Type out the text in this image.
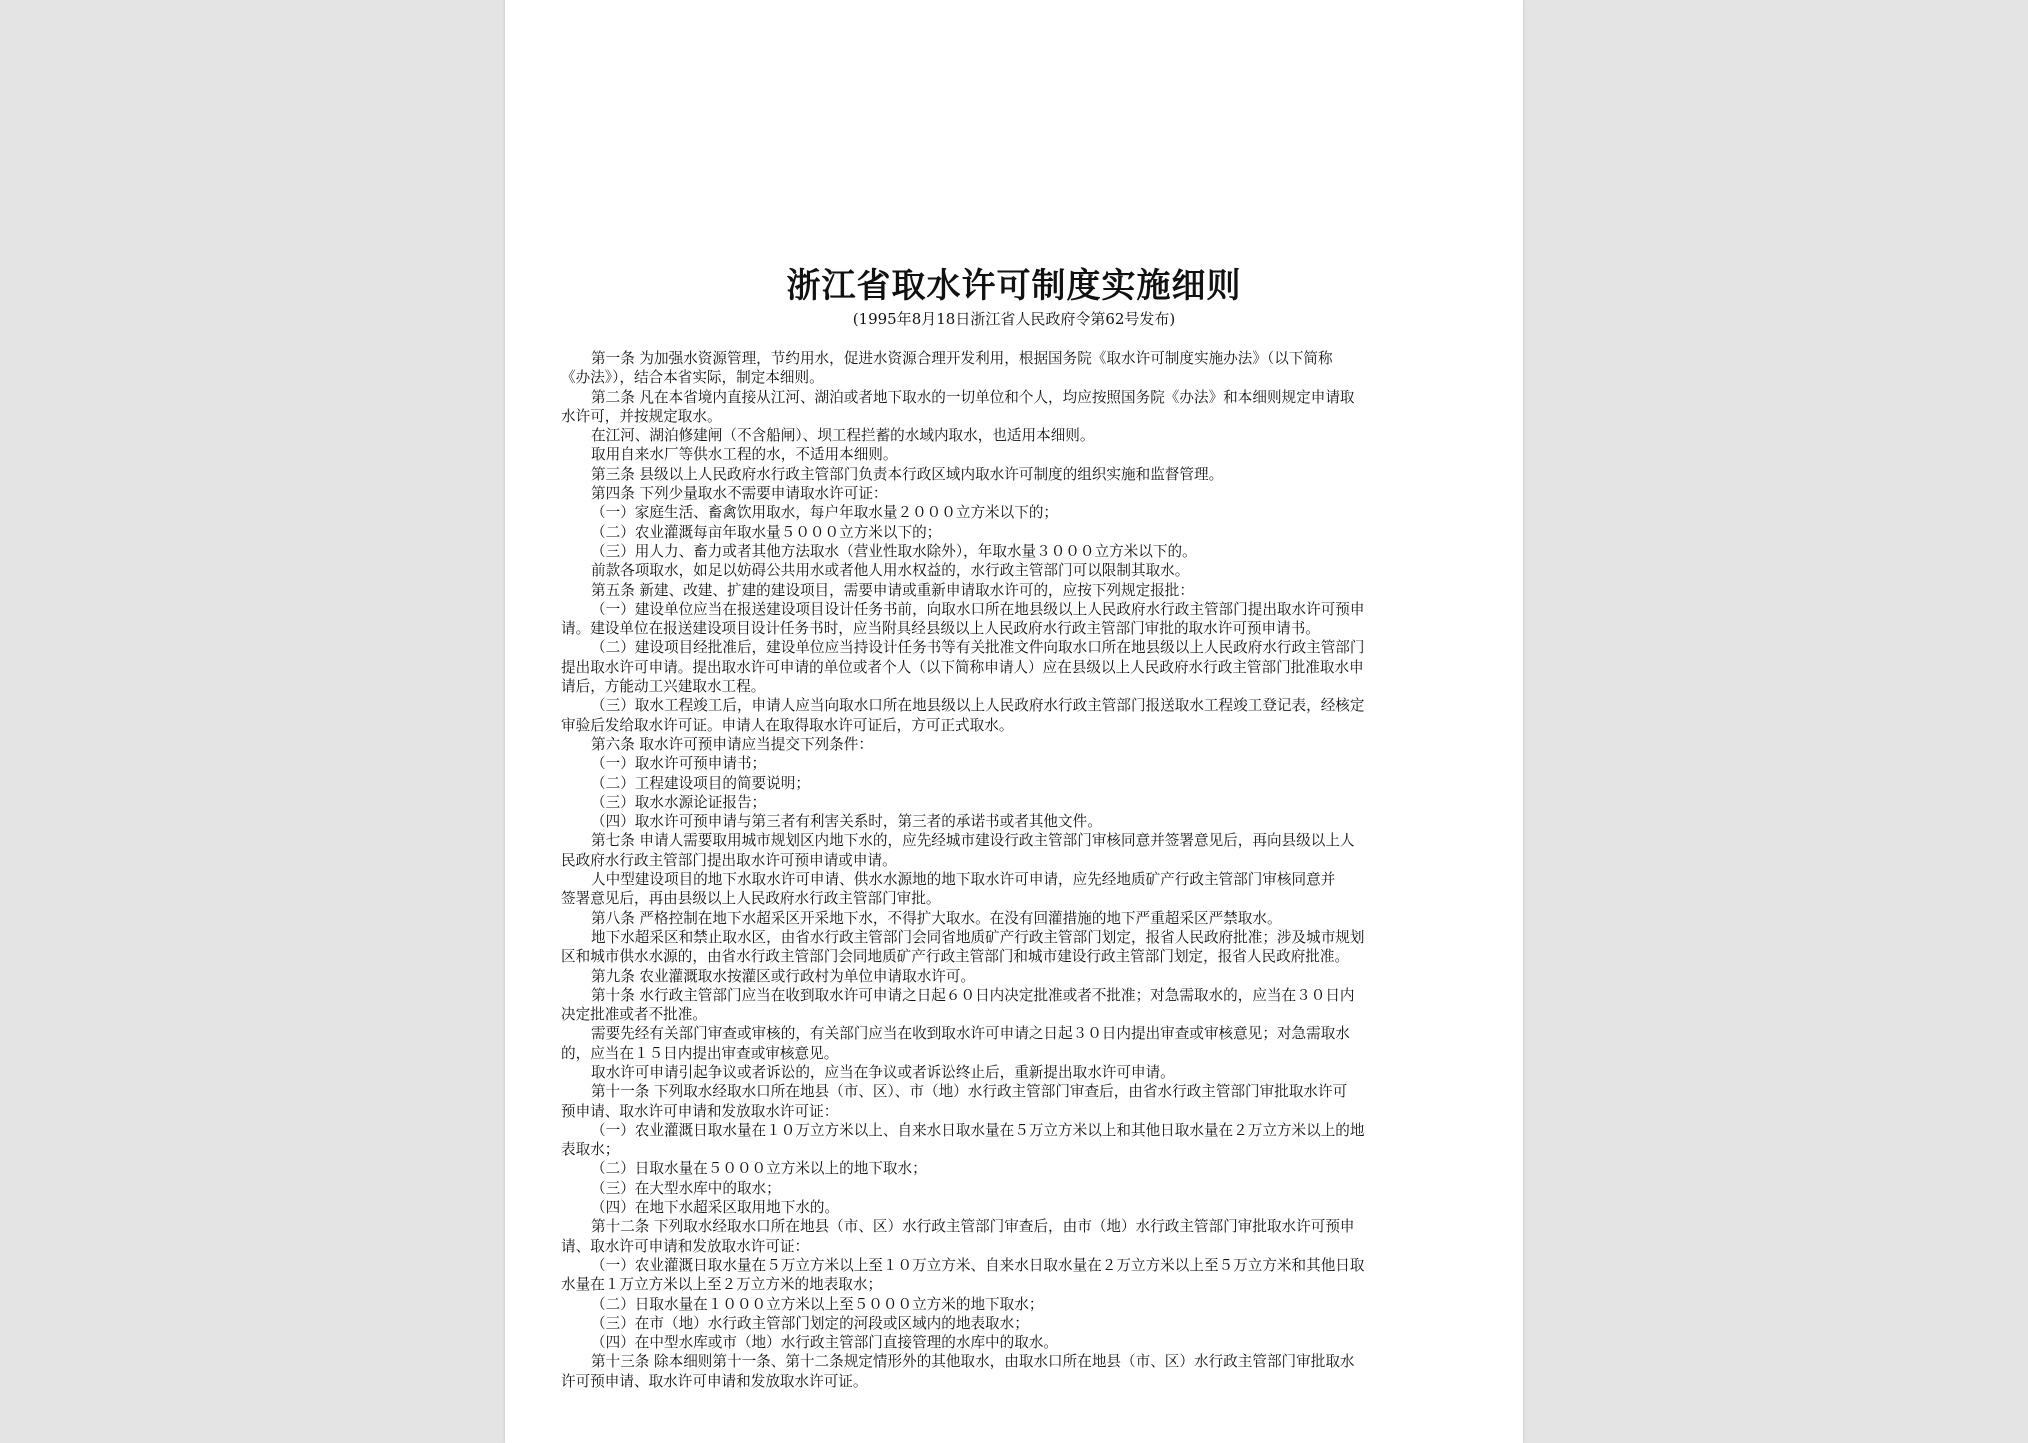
浙江省取水许可制度实施细则
(1995年8月18日浙江省人民政府令第62号发布)

第一条 为加强水资源管理，节约用水，促进水资源合理开发利用，根据国务院《取水许可制度实施办法》（以下简称

《办法》），结合本省实际，制定本细则。

第二条 凡在本省境内直接从江河、湖泊或者地下取水的一切单位和个人，均应按照国务院《办法》和本细则规定申请取

水许可，并按规定取水。

在江河、湖泊修建闸（不含船闸）、坝工程拦蓄的水域内取水，也适用本细则。

取用自来水厂等供水工程的水，不适用本细则。

第三条 县级以上人民政府水行政主管部门负责本行政区域内取水许可制度的组织实施和监督管理。

第四条 下列少量取水不需要申请取水许可证：

（一）家庭生活、畜禽饮用取水，每户年取水量２０００立方米以下的；

（二）农业灌溉每亩年取水量５０００立方米以下的；

（三）用人力、畜力或者其他方法取水（营业性取水除外），年取水量３０００立方米以下的。

前款各项取水，如足以妨碍公共用水或者他人用水权益的，水行政主管部门可以限制其取水。

第五条 新建、改建、扩建的建设项目，需要申请或重新申请取水许可的，应按下列规定报批：

（一）建设单位应当在报送建设项目设计任务书前，向取水口所在地县级以上人民政府水行政主管部门提出取水许可预申

请。建设单位在报送建设项目设计任务书时，应当附具经县级以上人民政府水行政主管部门审批的取水许可预申请书。

（二）建设项目经批准后，建设单位应当持设计任务书等有关批准文件向取水口所在地县级以上人民政府水行政主管部门

提出取水许可申请。提出取水许可申请的单位或者个人（以下简称申请人）应在县级以上人民政府水行政主管部门批准取水申

请后，方能动工兴建取水工程。

（三）取水工程竣工后，申请人应当向取水口所在地县级以上人民政府水行政主管部门报送取水工程竣工登记表，经核定

审验后发给取水许可证。申请人在取得取水许可证后，方可正式取水。

第六条 取水许可预申请应当提交下列条件：

（一）取水许可预申请书；

（二）工程建设项目的简要说明；

（三）取水水源论证报告；

（四）取水许可预申请与第三者有利害关系时，第三者的承诺书或者其他文件。

第七条 申请人需要取用城市规划区内地下水的，应先经城市建设行政主管部门审核同意并签署意见后，再向县级以上人

民政府水行政主管部门提出取水许可预申请或申请。

人中型建设项目的地下水取水许可申请、供水水源地的地下取水许可申请，应先经地质矿产行政主管部门审核同意并

签署意见后，再由县级以上人民政府水行政主管部门审批。

第八条 严格控制在地下水超采区开采地下水，不得扩大取水。在没有回灌措施的地下严重超采区严禁取水。

地下水超采区和禁止取水区，由省水行政主管部门会同省地质矿产行政主管部门划定，报省人民政府批准；涉及城市规划

区和城市供水水源的，由省水行政主管部门会同地质矿产行政主管部门和城市建设行政主管部门划定，报省人民政府批准。

第九条 农业灌溉取水按灌区或行政村为单位申请取水许可。

第十条 水行政主管部门应当在收到取水许可申请之日起６０日内决定批准或者不批准；对急需取水的，应当在３０日内

决定批准或者不批准。

需要先经有关部门审查或审核的，有关部门应当在收到取水许可申请之日起３０日内提出审查或审核意见；对急需取水

的，应当在１５日内提出审查或审核意见。

取水许可申请引起争议或者诉讼的，应当在争议或者诉讼终止后，重新提出取水许可申请。

第十一条 下列取水经取水口所在地县（市、区）、市（地）水行政主管部门审查后，由省水行政主管部门审批取水许可

预申请、取水许可申请和发放取水许可证：

（一）农业灌溉日取水量在１０万立方米以上、自来水日取水量在５万立方米以上和其他日取水量在２万立方米以上的地

表取水；

（二）日取水量在５０００立方米以上的地下取水；

（三）在大型水库中的取水；

（四）在地下水超采区取用地下水的。

第十二条 下列取水经取水口所在地县（市、区）水行政主管部门审查后，由市（地）水行政主管部门审批取水许可预申

请、取水许可申请和发放取水许可证：

（一）农业灌溉日取水量在５万立方米以上至１０万立方米、自来水日取水量在２万立方米以上至５万立方米和其他日取

水量在１万立方米以上至２万立方米的地表取水；

（二）日取水量在１０００立方米以上至５０００立方米的地下取水；

（三）在市（地）水行政主管部门划定的河段或区域内的地表取水；

（四）在中型水库或市（地）水行政主管部门直接管理的水库中的取水。

第十三条 除本细则第十一条、第十二条规定情形外的其他取水，由取水口所在地县（市、区）水行政主管部门审批取水

许可预申请、取水许可申请和发放取水许可证。
